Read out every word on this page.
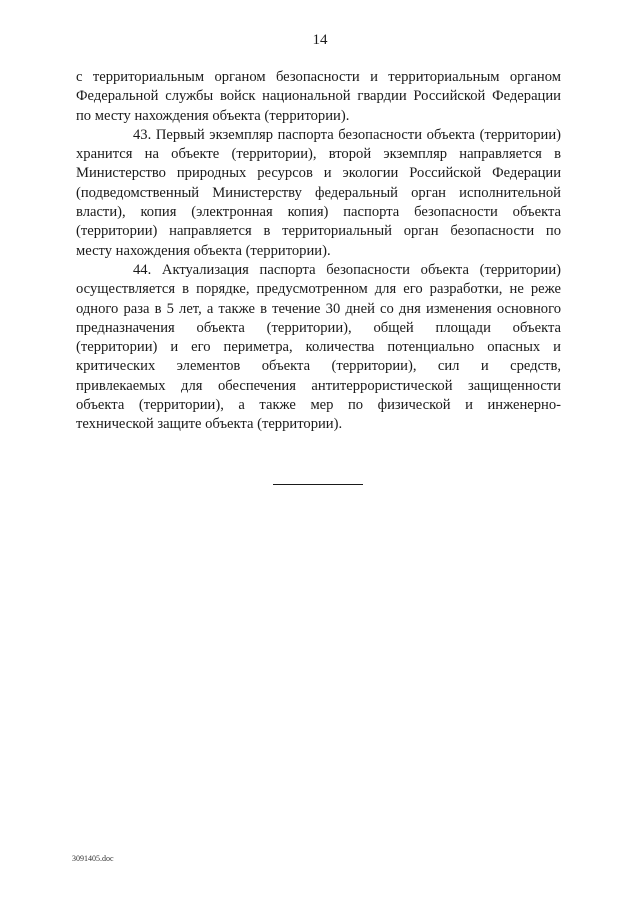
14
с территориальным органом безопасности и территориальным органом
Федеральной службы войск национальной гвардии Российской Федерации
по месту нахождения объекта (территории).
43. Первый экземпляр паспорта безопасности объекта (территории)
хранится на объекте (территории), второй экземпляр направляется в
Министерство природных ресурсов и экологии Российской Федерации
(подведомственный Министерству федеральный орган исполнительной
власти), копия (электронная копия) паспорта безопасности объекта
(территории) направляется в территориальный орган безопасности по
месту нахождения объекта (территории).
44. Актуализация паспорта безопасности объекта (территории)
осуществляется в порядке, предусмотренном для его разработки, не реже
одного раза в 5 лет, а также в течение 30 дней со дня изменения основного
предназначения объекта (территории), общей площади объекта
(территории) и его периметра, количества потенциально опасных и
критических элементов объекта (территории), сил и средств,
привлекаемых для обеспечения антитеррористической защищенности
объекта (территории), а также мер по физической и инженерно-
технической защите объекта (территории).
3091405.doc
